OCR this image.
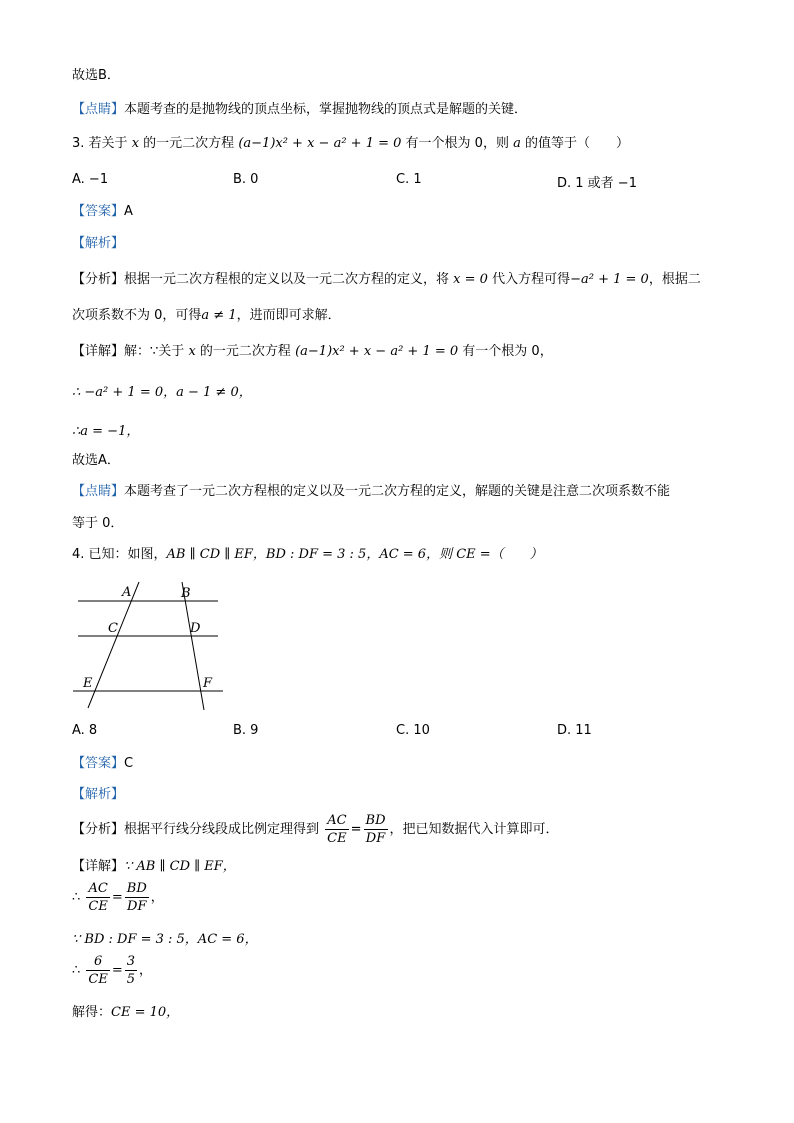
故选B．
【点睛】本题考查的是抛物线的顶点坐标，掌握抛物线的顶点式是解题的关键．
3. 若关于 x 的一元二次方程 (a−1)x² + x − a² + 1 = 0 有一个根为 0，则 a 的值等于（　　）
A. −1	B. 0	C. 1	D. 1 或者 −1
【答案】A
【解析】
【分析】根据一元二次方程根的定义以及一元二次方程的定义，将 x = 0 代入方程可得−a² + 1 = 0，根据二
次项系数不为 0，可得a ≠ 1，进而即可求解．
【详解】解：∵关于 x 的一元二次方程 (a−1)x² + x − a² + 1 = 0 有一个根为 0，
∴ −a² + 1 = 0，a − 1 ≠ 0，
∴a = −1，
故选A．
【点睛】本题考查了一元二次方程根的定义以及一元二次方程的定义，解题的关键是注意二次项系数不能
等于 0．
4. 已知：如图，AB ∥ CD ∥ EF，BD : DF = 3 : 5，AC = 6，则 CE =（　　）
A	B
C	D
E	F
A. 8	B. 9	C. 10	D. 11
【答案】C
【解析】
【分析】根据平行线分线段成比例定理得到 $\frac{AC}{CE} = \frac{BD}{DF}$ ，把已知数据代入计算即可．
【详解】∵ AB ∥ CD ∥ EF，
∴ $\frac{AC}{CE} = \frac{BD}{DF}$ ，
∵ BD : DF = 3 : 5，AC = 6，
∴ $\frac{6}{CE} = \frac{3}{5}$ ，
解得：CE = 10，
